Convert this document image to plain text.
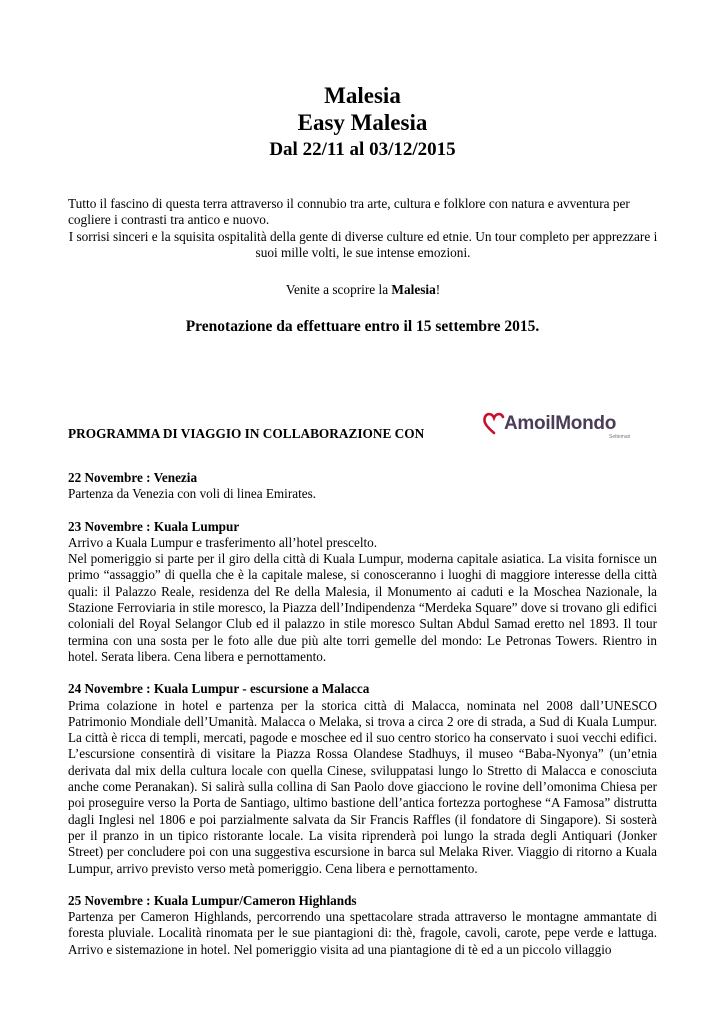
Malesia
Easy Malesia
Dal 22/11 al 03/12/2015
Tutto il fascino di questa terra attraverso il connubio tra arte, cultura e folklore con natura e avventura per cogliere i contrasti tra antico e nuovo.
I sorrisi sinceri e la squisita ospitalità della gente di diverse culture ed etnie. Un tour completo per apprezzare i suoi mille volti, le sue intense emozioni.
Venite a scoprire la Malesia!
Prenotazione da effettuare entro il 15 settembre 2015.
PROGRAMMA DI VIAGGIO IN COLLABORAZIONE CON	AmoilMondo
Settemari
22 Novembre : Venezia
Partenza da Venezia con voli di linea Emirates.
23 Novembre : Kuala Lumpur
Arrivo a Kuala Lumpur e trasferimento all’hotel prescelto.
Nel pomeriggio si parte per il giro della città di Kuala Lumpur, moderna capitale asiatica. La visita fornisce un primo “assaggio” di quella che è la capitale malese, si conosceranno i luoghi di maggiore interesse della città quali: il Palazzo Reale, residenza del Re della Malesia, il Monumento ai caduti e la Moschea Nazionale, la Stazione Ferroviaria in stile moresco, la Piazza dell’Indipendenza “Merdeka Square” dove si trovano gli edifici coloniali del Royal Selangor Club ed il palazzo in stile moresco Sultan Abdul Samad eretto nel 1893. Il tour termina con una sosta per le foto alle due più alte torri gemelle del mondo: Le Petronas Towers. Rientro in hotel. Serata libera. Cena libera e pernottamento.
24 Novembre : Kuala Lumpur - escursione a Malacca
Prima colazione in hotel e partenza per la storica città di Malacca, nominata nel 2008 dall’UNESCO Patrimonio Mondiale dell’Umanità. Malacca o Melaka, si trova a circa 2 ore di strada, a Sud di Kuala Lumpur. La città è ricca di templi, mercati, pagode e moschee ed il suo centro storico ha conservato i suoi vecchi edifici. L’escursione consentirà di visitare la Piazza Rossa Olandese Stadhuys, il museo “Baba-Nyonya” (un’etnia derivata dal mix della cultura locale con quella Cinese, sviluppatasi lungo lo Stretto di Malacca e conosciuta anche come Peranakan). Si salirà sulla collina di San Paolo dove giacciono le rovine dell’omonima Chiesa per poi proseguire verso la Porta de Santiago, ultimo bastione dell’antica fortezza portoghese “A Famosa” distrutta dagli Inglesi nel 1806 e poi parzialmente salvata da Sir Francis Raffles (il fondatore di Singapore). Si sosterà per il pranzo in un tipico ristorante locale. La visita riprenderà poi lungo la strada degli Antiquari (Jonker Street) per concludere poi con una suggestiva escursione in barca sul Melaka River. Viaggio di ritorno a Kuala Lumpur, arrivo previsto verso metà pomeriggio. Cena libera e pernottamento.
25 Novembre : Kuala Lumpur/Cameron Highlands
Partenza per Cameron Highlands, percorrendo una spettacolare strada attraverso le montagne ammantate di foresta pluviale. Località rinomata per le sue piantagioni di: thè, fragole, cavoli, carote, pepe verde e lattuga. Arrivo e sistemazione in hotel. Nel pomeriggio visita ad una piantagione di tè ed a un piccolo villaggio
